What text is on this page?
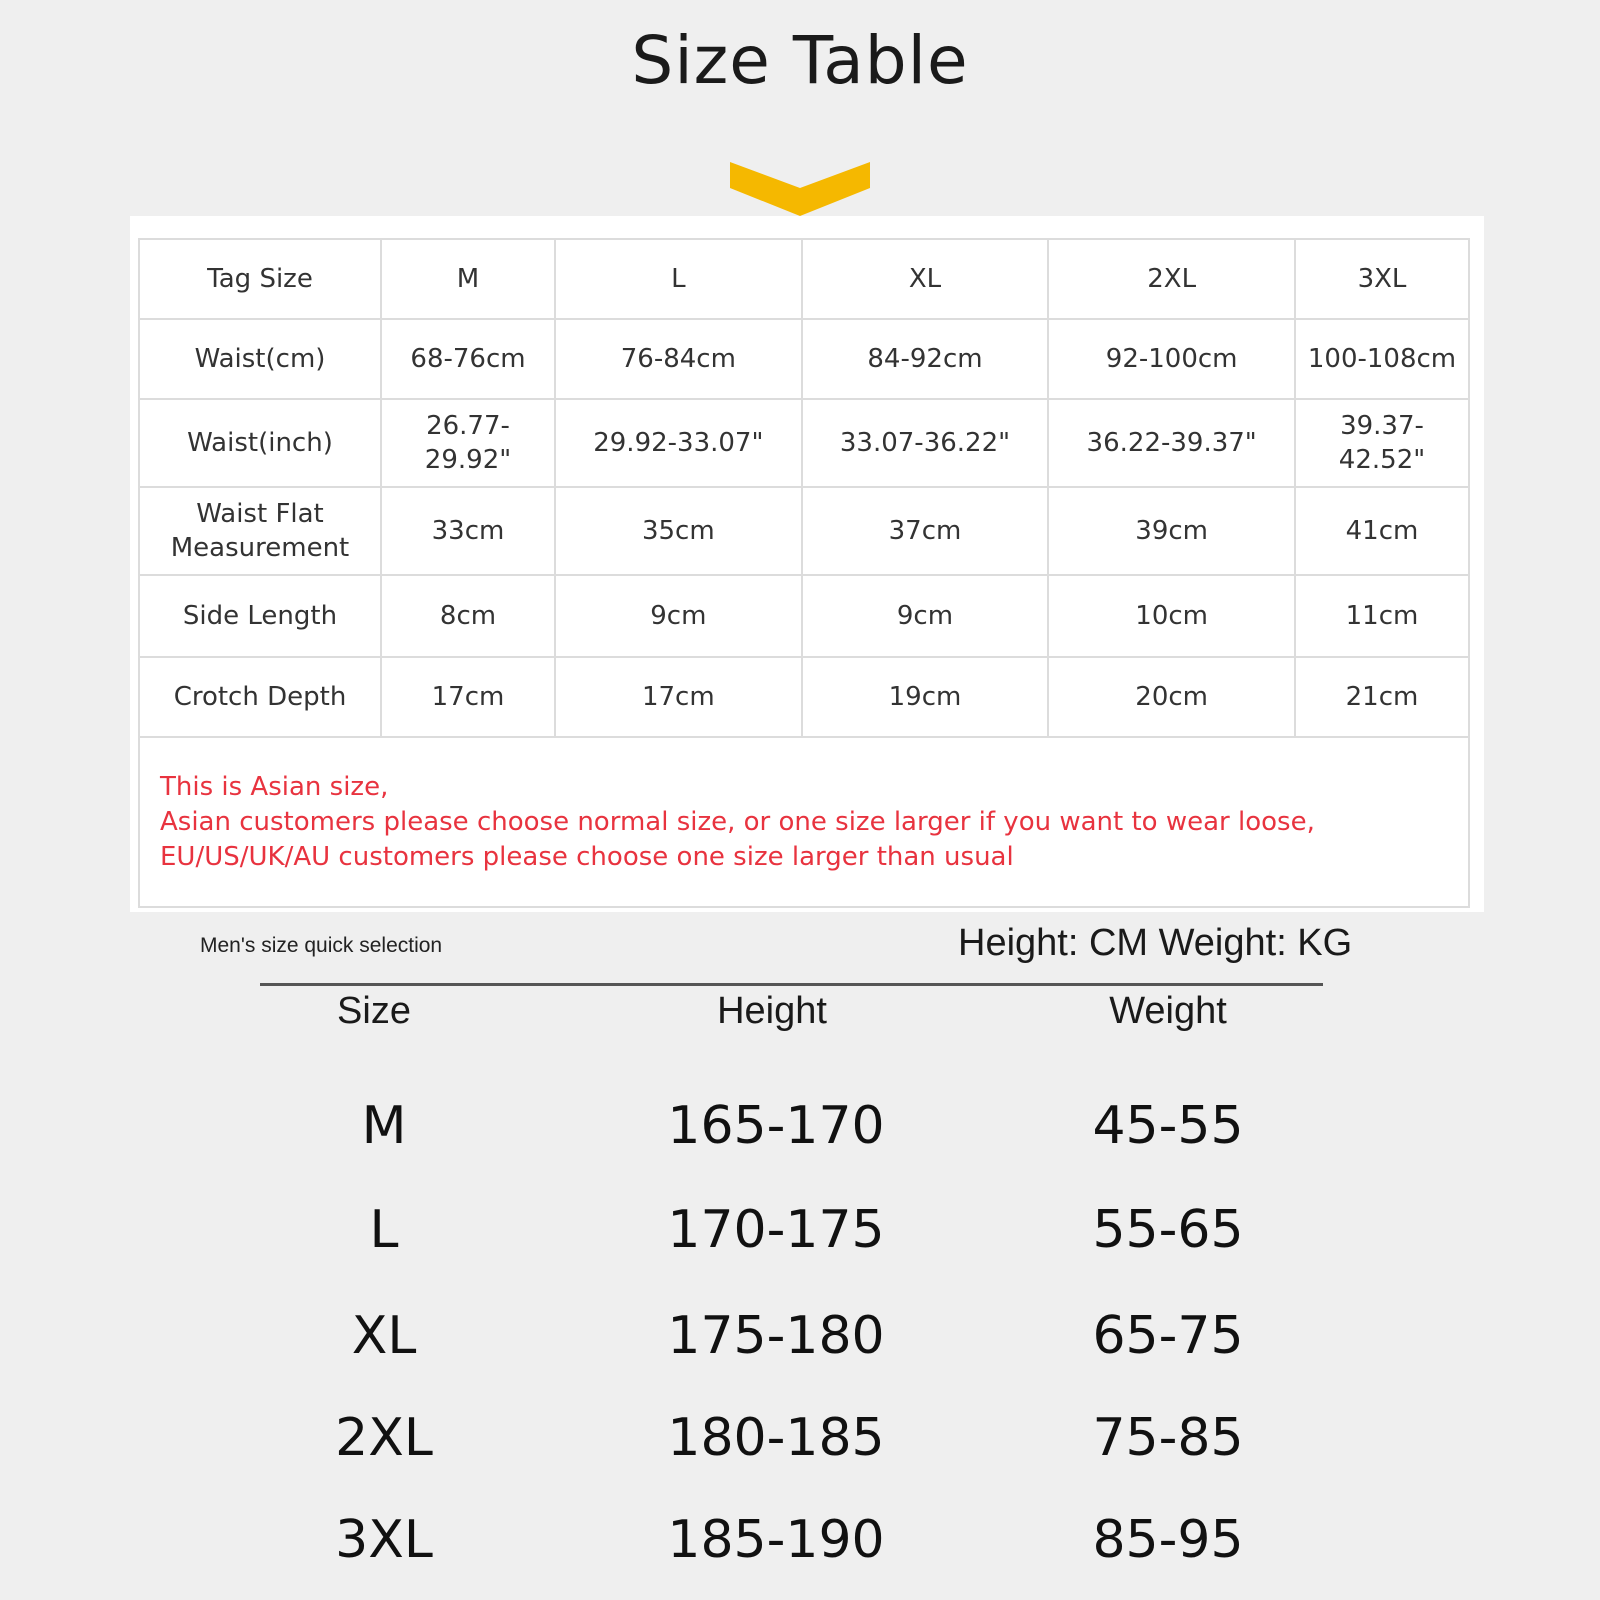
Size Table
Tag Size	M	L	XL	2XL	3XL
Waist(cm)	68-76cm	76-84cm	84-92cm	92-100cm	100-108cm
Waist(inch)	26.77-29.92"	29.92-33.07"	33.07-36.22"	36.22-39.37"	39.37-42.52"
Waist Flat Measurement	33cm	35cm	37cm	39cm	41cm
Side Length	8cm	9cm	9cm	10cm	11cm
Crotch Depth	17cm	17cm	19cm	20cm	21cm

This is Asian size,
Asian customers please choose normal size, or one size larger if you want to wear loose,
EU/US/UK/AU customers please choose one size larger than usual					
Men's size quick selection	Height: CM Weight: KG
Size	Height	Weight
M	165-170	45-55
L	170-175	55-65
XL	175-180	65-75
2XL	180-185	75-85
3XL	185-190	85-95
